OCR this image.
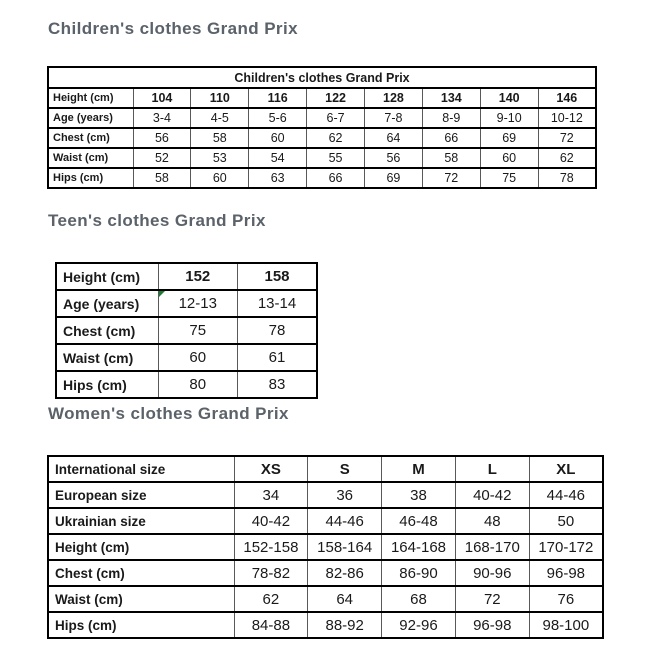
Children's clothes Grand Prix
Children's clothes Grand Prix								
Height (cm)	104	110	116	122	128	134	140	146
Age (years)	3-4	4-5	5-6	6-7	7-8	8-9	9-10	10-12
Chest (cm)	56	58	60	62	64	66	69	72
Waist (cm)	52	53	54	55	56	58	60	62
Hips (cm)	58	60	63	66	69	72	75	78
Teen's clothes Grand Prix
Height (cm)	152	158
Age (years)	12-13	13-14
Chest (cm)	75	78
Waist (cm)	60	61
Hips (cm)	80	83
Women's clothes Grand Prix
International size	XS	S	M	L	XL
European size	34	36	38	40-42	44-46
Ukrainian size	40-42	44-46	46-48	48	50
Height (cm)	152-158	158-164	164-168	168-170	170-172
Chest (cm)	78-82	82-86	86-90	90-96	96-98
Waist (cm)	62	64	68	72	76
Hips (cm)	84-88	88-92	92-96	96-98	98-100
